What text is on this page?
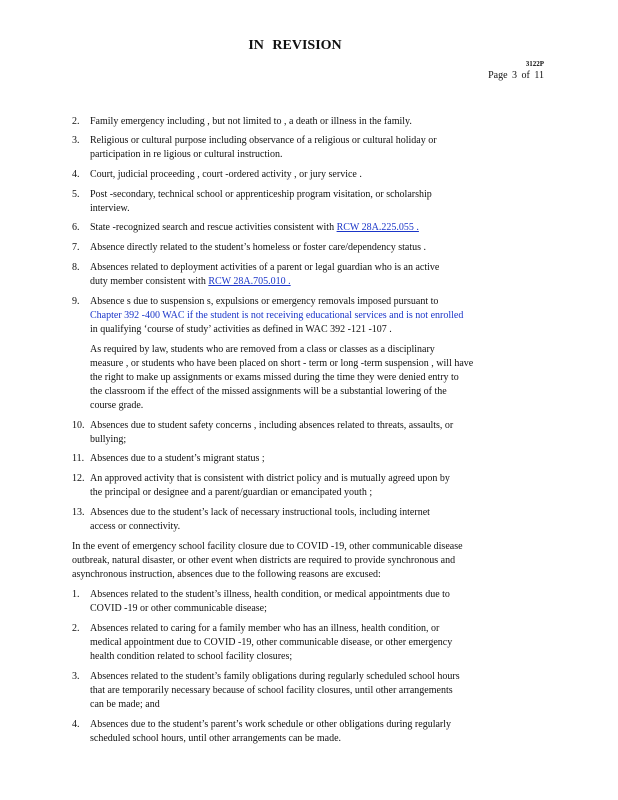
IN REVISION
3122P
Page 3 of 11
2. Family emergency including , but not limited to , a death or illness in the family.
3. Religious or cultural purpose including observance of a religious or cultural holiday or
participation in re ligious or cultural instruction.
4. Court, judicial proceeding , court -ordered activity , or jury service .
5. Post -secondary, technical school or apprenticeship program visitation, or scholarship
interview.
6. State -recognized search and rescue activities consistent with RCW 28A.225.055 .
7. Absence directly related to the student’s homeless or foster care/dependency status .
8. Absences related to deployment activities of a parent or legal guardian who is an active
duty member consistent with RCW 28A.705.010 .
9. Absence s due to suspension s, expulsions or emergency removals imposed pursuant to
Chapter 392 -400 WAC if the student is not receiving educational services and is not enrolled
in qualifying ‘course of study’ activities as defined in WAC 392 -121 -107 .
As required by law, students who are removed from a class or classes as a disciplinary
measure , or students who have been placed on short - term or long -term suspension , will have
the right to make up assignments or exams missed during the time they were denied entry to
the classroom if the effect of the missed assignments will be a substantial lowering of the
course grade.
10. Absences due to student safety concerns , including absences related to threats, assaults, or
bullying;
11. Absences due to a student’s migrant status ;
12. An approved activity that is consistent with district policy and is mutually agreed upon by
the principal or designee and a parent/guardian or emancipated youth ;
13. Absences due to the student’s lack of necessary instructional tools, including internet
access or connectivity.
In the event of emergency school facility closure due to COVID -19, other communicable disease
outbreak, natural disaster, or other event when districts are required to provide synchronous and
asynchronous instruction, absences due to the following reasons are excused:
1. Absences related to the student’s illness, health condition, or medical appointments due to
COVID -19 or other communicable disease;
2. Absences related to caring for a family member who has an illness, health condition, or
medical appointment due to COVID -19, other communicable disease, or other emergency
health condition related to school facility closures;
3. Absences related to the student’s family obligations during regularly scheduled school hours
that are temporarily necessary because of school facility closures, until other arrangements
can be made; and
4. Absences due to the student’s parent’s work schedule or other obligations during regularly
scheduled school hours, until other arrangements can be made.
